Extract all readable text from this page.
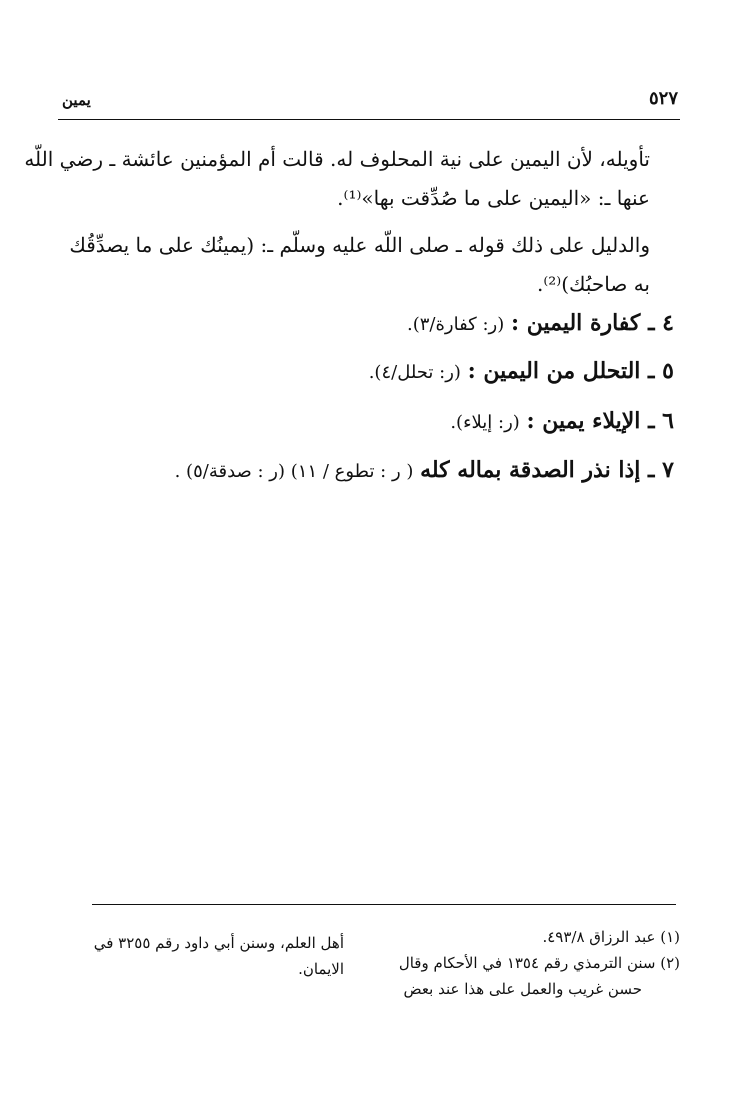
٥٢٧
يمين
تأويله، لأن اليمين على نية المحلوف له. قالت أم المؤمنين عائشة ـ رضي اللّه
عنها ـ: «اليمين على ما صُدِّقت بها»⁽¹⁾.
والدليل على ذلك قوله ـ صلى اللّه عليه وسلّم ـ: (يمينُك على ما يصدِّقُك
به صاحبُك)⁽²⁾.
٤ ـ كفارة اليمين : (ر: كفارة/٣).
٥ ـ التحلل من اليمين : (ر: تحلل/٤).
٦ ـ الإيلاء يمين : (ر: إيلاء).
٧ ـ إذا نذر الصدقة بماله كله ( ر : تطوع / ١١) (ر : صدقة/٥) .
(١) عبد الرزاق ٤٩٣/٨.
(٢) سنن الترمذي رقم ١٣٥٤ في الأحكام وقال
حسن غريب والعمل على هذا عند بعض
أهل العلم، وسنن أبي داود رقم ٣٢٥٥ في
الايمان.
